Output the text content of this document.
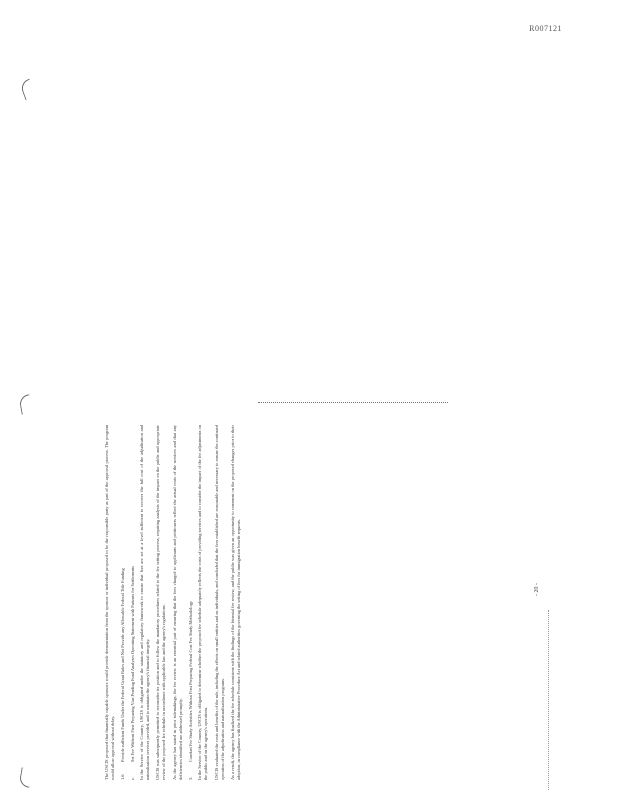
R007121

The USCIS proposed that financially capable sponsors would provide documentation from the sponsor or individual proposed to be the responsible party as part of the approval process. The program would allow approval without delay. 1.6
Provide sufficient Funds Under the Federal Grant Rules and Not Provide any Allowable Federal Title Funding
c.
Set Fee Without First Preparing Vias Pending Fund Analyses Operating Statement with Patients for Settlements In the Service of the Country, USCIS is obligated under the statutory and regulatory framework to ensure that fees are set at a level sufficient to recover the full cost of the adjudication and naturalization services provided, and to maintain the agency's financial integrity. USCIS was subsequently permitted to reconsider its position and to follow the mandatory procedures related to the fee setting process, requiring analysis of the impact on the public and appropriate review of the proposed fee schedule in accordance with applicable law and the agency's regulations. As the agency has stated in prior rulemakings, the fee review is an essential part of ensuring that the fees charged to applicants and petitioners reflect the actual costs of the services and that any deficiencies identified are addressed promptly. 3.
Conduct Fee Study Activities Without First Preparing Federal Cost Fee Study Methodology In the Service of the Country, USCIS is obligated to determine whether the proposed fee schedule adequately reflects the costs of providing services and to consider the impact of the fee adjustments on the public and on the agency's operations. USCIS evaluated the costs and benefits of the rule, including the effects on small entities and on individuals, and concluded that the fees established are reasonable and necessary to ensure the continued operation of the adjudication and naturalization programs. As a result, the agency has finalized the fee schedule consistent with the findings of the biennial fee review, and the public was given an opportunity to comment on the proposed changes prior to their adoption, in compliance with the Administrative Procedure Act and related authorities governing the setting of fees for immigration benefit requests.	- 20 -
